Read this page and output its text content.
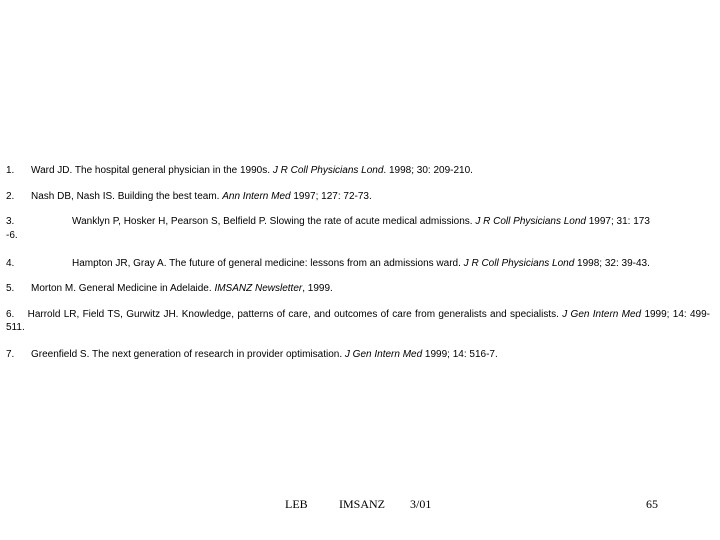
1. Ward JD. The hospital general physician in the 1990s. J R Coll Physicians Lond. 1998; 30: 209-210.
2. Nash DB, Nash IS. Building the best team. Ann Intern Med 1997; 127: 72-73.
3.	Wanklyn P, Hosker H, Pearson S, Belfield P. Slowing the rate of acute medical admissions. J R Coll Physicians Lond 1997; 31: 173
-6.
4.	Hampton JR, Gray A. The future of general medicine: lessons from an admissions ward. J R Coll Physicians Lond 1998; 32: 39-43.
5. Morton M. General Medicine in Adelaide. IMSANZ Newsletter, 1999.
6. Harrold LR, Field TS, Gurwitz JH. Knowledge, patterns of care, and outcomes of care from generalists and specialists. J Gen Intern Med 1999; 14: 499-511.
7. Greenfield S. The next generation of research in provider optimisation. J Gen Intern Med 1999; 14: 516-7.
LEB	IMSANZ 3/01	65
